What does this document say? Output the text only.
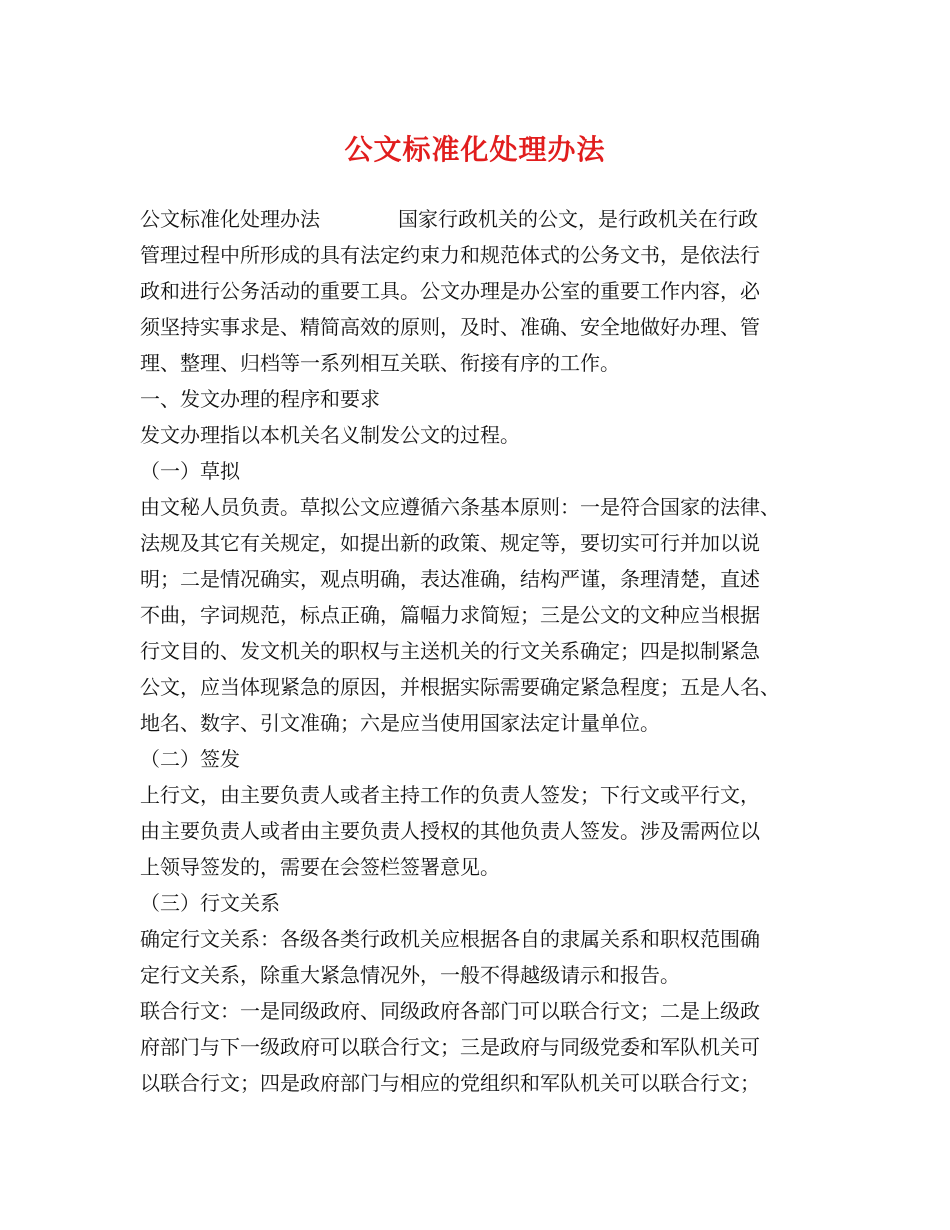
公文标准化处理办法
公文标准化处理办法	国家行政机关的公文，是行政机关在行政
管理过程中所形成的具有法定约束力和规范体式的公务文书，是依法行
政和进行公务活动的重要工具。公文办理是办公室的重要工作内容，必
须坚持实事求是、精简高效的原则，及时、准确、安全地做好办理、管
理、整理、归档等一系列相互关联、衔接有序的工作。
一、发文办理的程序和要求
发文办理指以本机关名义制发公文的过程。
（一）草拟
由文秘人员负责。草拟公文应遵循六条基本原则：一是符合国家的法律、
法规及其它有关规定，如提出新的政策、规定等，要切实可行并加以说
明；二是情况确实，观点明确，表达准确，结构严谨，条理清楚，直述
不曲，字词规范，标点正确，篇幅力求简短；三是公文的文种应当根据
行文目的、发文机关的职权与主送机关的行文关系确定；四是拟制紧急
公文，应当体现紧急的原因，并根据实际需要确定紧急程度；五是人名、
地名、数字、引文准确；六是应当使用国家法定计量单位。
（二）签发
上行文，由主要负责人或者主持工作的负责人签发；下行文或平行文，
由主要负责人或者由主要负责人授权的其他负责人签发。涉及需两位以
上领导签发的，需要在会签栏签署意见。
（三）行文关系
确定行文关系：各级各类行政机关应根据各自的隶属关系和职权范围确
定行文关系，除重大紧急情况外，一般不得越级请示和报告。
联合行文：一是同级政府、同级政府各部门可以联合行文；二是上级政
府部门与下一级政府可以联合行文；三是政府与同级党委和军队机关可
以联合行文；四是政府部门与相应的党组织和军队机关可以联合行文；
